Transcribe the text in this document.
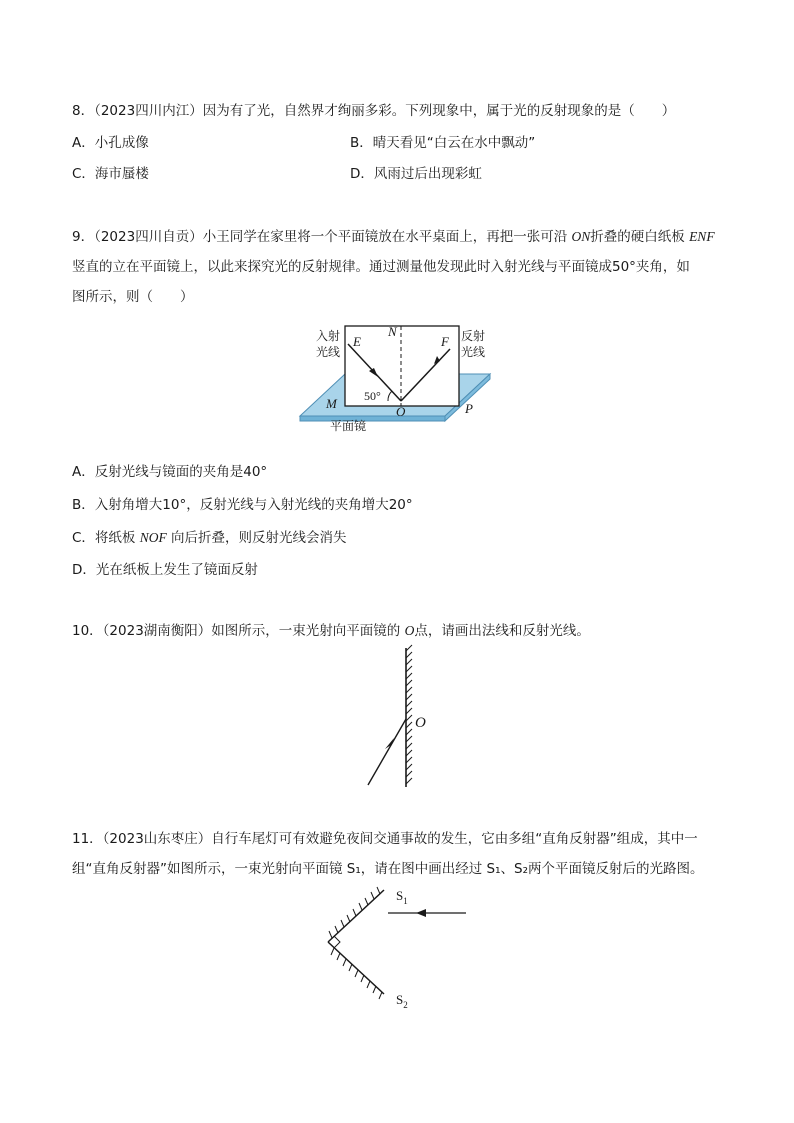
8．（2023四川内江）因为有了光，自然界才绚丽多彩。下列现象中，属于光的反射现象的是（　　）
A．小孔成像	B．晴天看见“白云在水中飘动”
C．海市蜃楼	D．风雨过后出现彩虹
9．（2023四川自贡）小王同学在家里将一个平面镜放在水平桌面上，再把一张可沿 ON折叠的硬白纸板 ENF
竖直的立在平面镜上，以此来探究光的反射规律。通过测量他发现此时入射光线与平面镜成50°夹角，如
图所示，则（　　）
入射
光线
反射
光线
E
N
F
M
O	P
50°
平面镜
A．反射光线与镜面的夹角是40°
B．入射角增大10°，反射光线与入射光线的夹角增大20°
C．将纸板 NOF 向后折叠，则反射光线会消失
D．光在纸板上发生了镜面反射
10．（2023湖南衡阳）如图所示，一束光射向平面镜的 O点，请画出法线和反射光线。
O
11．（2023山东枣庄）自行车尾灯可有效避免夜间交通事故的发生，它由多组“直角反射器”组成，其中一
组“直角反射器”如图所示，一束光射向平面镜 S₁，请在图中画出经过 S₁、S₂两个平面镜反射后的光路图。
$S_1$
$S_2$
